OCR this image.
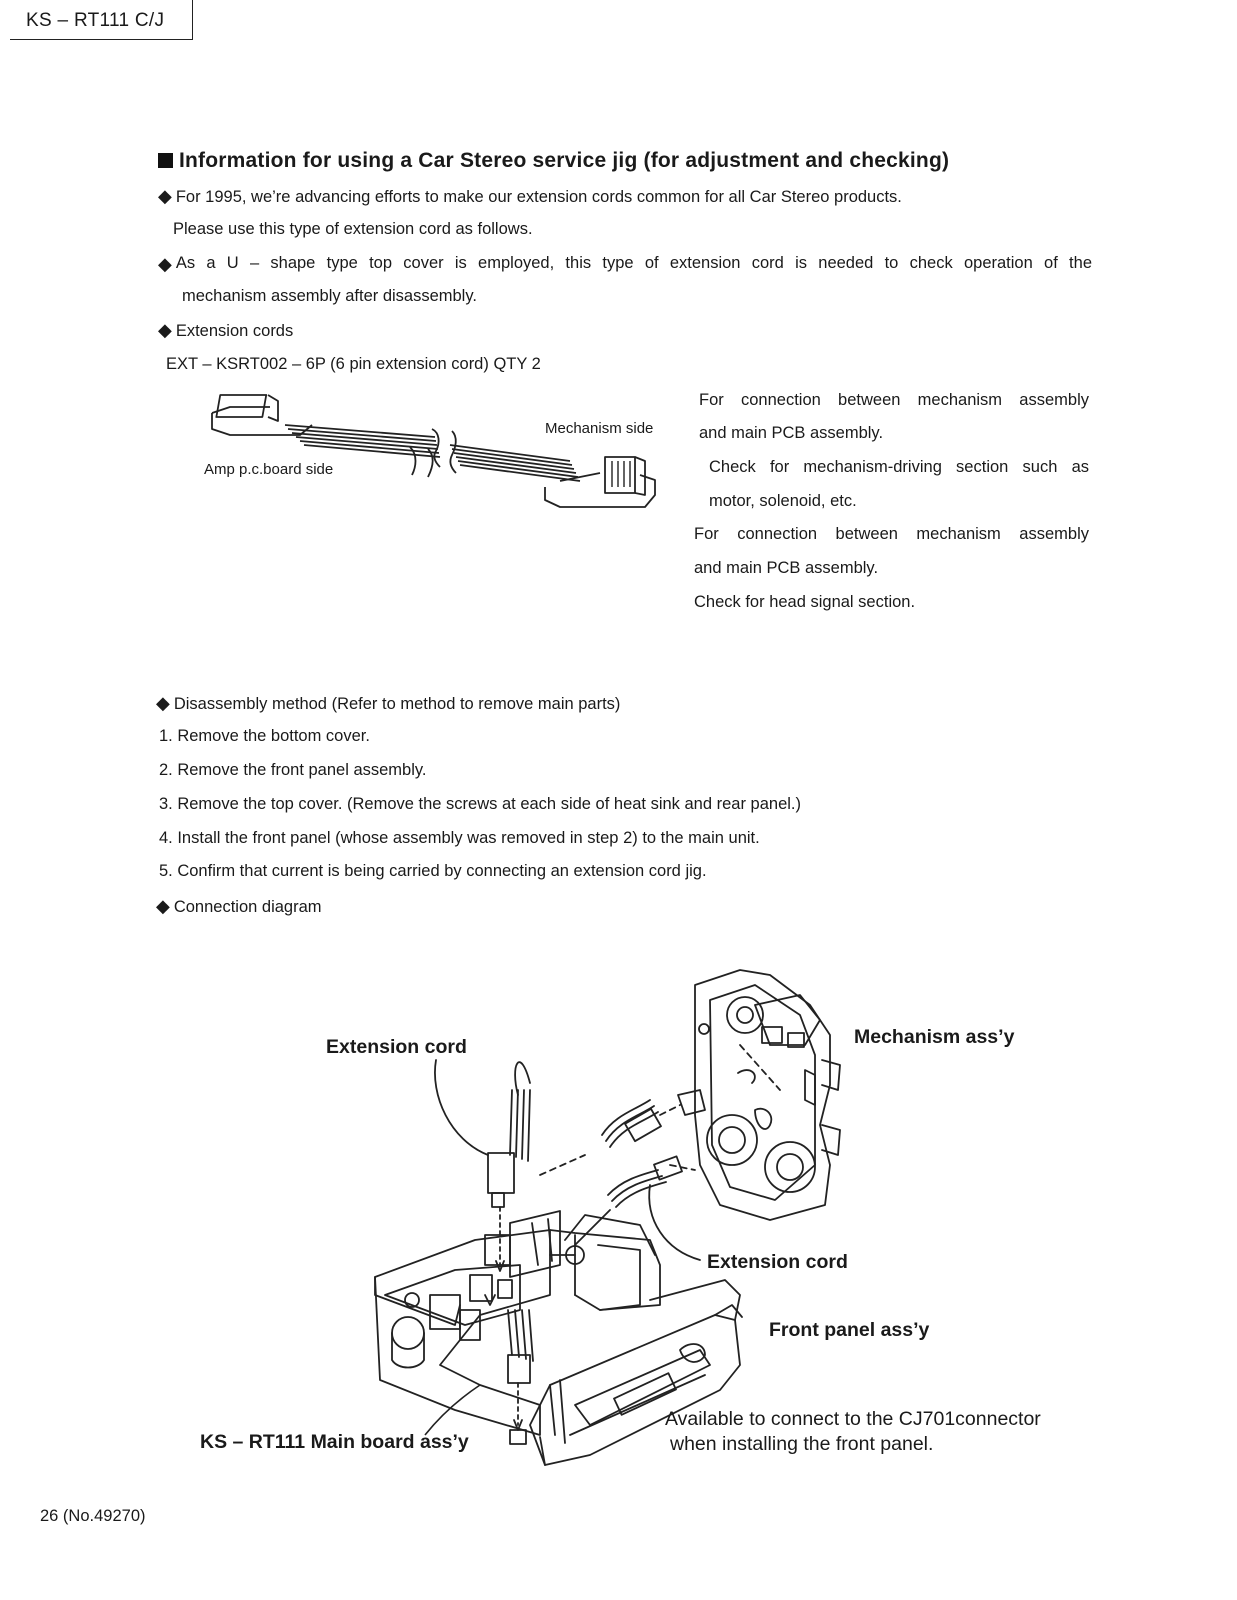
KS – RT111 C/J
Information for using a Car Stereo service jig (for adjustment and checking)
◆ For 1995, we’re advancing efforts to make our extension cords common for all Car Stereo products.
Please use this type of extension cord as follows.
◆ As a U – shape type top cover is employed, this type of extension cord is needed to check operation of the
mechanism assembly after disassembly.
◆ Extension cords
EXT – KSRT002 – 6P (6 pin extension cord) QTY 2
Amp p.c.board side
Mechanism side
For connection between mechanism assembly
and main PCB assembly.
Check for mechanism-driving section such as
motor, solenoid, etc.
For connection between mechanism assembly
and main PCB assembly.
Check for head signal section.
◆ Disassembly method (Refer to method to remove main parts)
1. Remove the bottom cover.
2. Remove the front panel assembly.
3. Remove the top cover. (Remove the screws at each side of heat sink and rear panel.)
4. Install the front panel (whose assembly was removed in step 2) to the main unit.
5. Confirm that current is being carried by connecting an extension cord jig.
◆ Connection diagram
Extension cord	Mechanism ass’y
Extension cord
Front panel ass’y
KS – RT111 Main board ass’y
Available to connect to the CJ701connector
when installing the front panel.
26 (No.49270)
